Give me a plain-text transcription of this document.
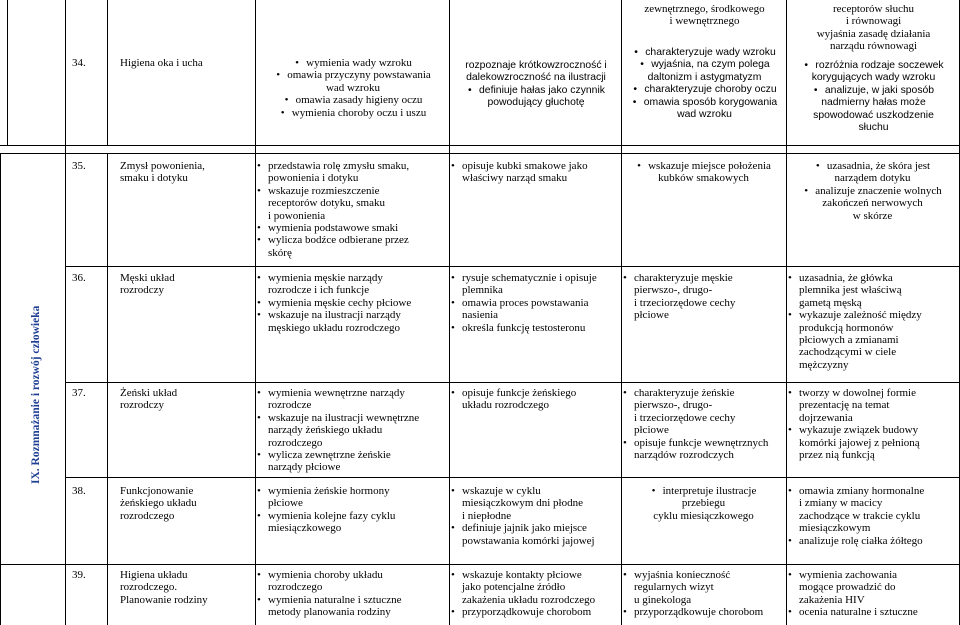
IX. Rozmnażanie i rozwój człowieka
34.	Higiena oka i ucha
•	wymienia wady wzroku
• omawia przyczyny powstawania

wad wzroku
• omawia zasady higieny oczu
• wymienia choroby oczu i uszu
rozpoznaje krótkowzroczność i
dalekowzroczność na ilustracji
• definiuje hałas jako czynnik

powodujący głuchotę
zewnętrznego, środkowego
i wewnętrznego
• charakteryzuje wady wzroku
• wyjaśnia, na czym polega

daltonizm i astygmatyzm
• charakteryzuje choroby oczu
• omawia sposób korygowania

wad wzroku
receptorów słuchu
i równowagi
wyjaśnia zasadę działania
narządu równowagi
• rozróżnia rodzaje soczewek

korygujących wady wzroku
• analizuje, w jaki sposób

nadmierny hałas może
spowodować uszkodzenie
słuchu
35.	Zmysł powonienia,
smaku i dotyku
• przedstawia rolę zmysłu smaku,
powonienia i dotyku
• wskazuje rozmieszczenie
receptorów dotyku, smaku
i powonienia
• wymienia podstawowe smaki
• wylicza bodźce odbierane przez
skórę
• opisuje kubki smakowe jako
właściwy narząd smaku
• wskazuje miejsce położenia

kubków smakowych
• uzasadnia, że skóra jest

narządem dotyku
• analizuje znaczenie wolnych

zakończeń nerwowych
w skórze
36.	Męski układ
rozrodczy
• wymienia męskie narządy
rozrodcze i ich funkcje
• wymienia męskie cechy płciowe
• wskazuje na ilustracji narządy
męskiego układu rozrodczego
• rysuje schematycznie i opisuje
plemnika
• omawia proces powstawania
nasienia
• określa funkcję testosteronu
• charakteryzuje męskie
pierwszo-, drugo-
i trzeciorzędowe cechy
płciowe
• uzasadnia, że główka
plemnika jest właściwą
gametą męską
• wykazuje zależność między
produkcją hormonów
płciowych a zmianami
zachodzącymi w ciele
mężczyzny
37.	Żeński układ
rozrodczy
• wymienia wewnętrzne narządy
rozrodcze
• wskazuje na ilustracji wewnętrzne
narządy żeńskiego układu
rozrodczego
• wylicza zewnętrzne żeńskie
narządy płciowe
• opisuje funkcje żeńskiego
układu rozrodczego
• charakteryzuje żeńskie
pierwszo-, drugo-
i trzeciorzędowe cechy
płciowe
• opisuje funkcje wewnętrznych
narządów rozrodczych
• tworzy w dowolnej formie
prezentację na temat
dojrzewania
• wykazuje związek budowy
komórki jajowej z pełnioną
przez nią funkcją
38.	Funkcjonowanie
żeńskiego układu
rozrodczego
• wymienia żeńskie hormony
płciowe
• wymienia kolejne fazy cyklu
miesiączkowego
• wskazuje w cyklu
miesiączkowym dni płodne
i niepłodne
• definiuje jajnik jako miejsce
powstawania komórki jajowej
• interpretuje ilustracje

przebiegu
cyklu miesiączkowego
• omawia zmiany hormonalne
i zmiany w macicy
zachodzące w trakcie cyklu
miesiączkowym
• analizuje rolę ciałka żółtego
39.	Higiena układu
rozrodczego.
Planowanie rodziny
• wymienia choroby układu
rozrodczego
• wymienia naturalne i sztuczne
metody planowania rodziny
• wskazuje kontakty płciowe
jako potencjalne źródło
zakażenia układu rozrodczego
• przyporządkowuje chorobom
• wyjaśnia konieczność
regularnych wizyt
u ginekologa
• przyporządkowuje chorobom
• wymienia zachowania
mogące prowadzić do
zakażenia HIV
• ocenia naturalne i sztuczne
